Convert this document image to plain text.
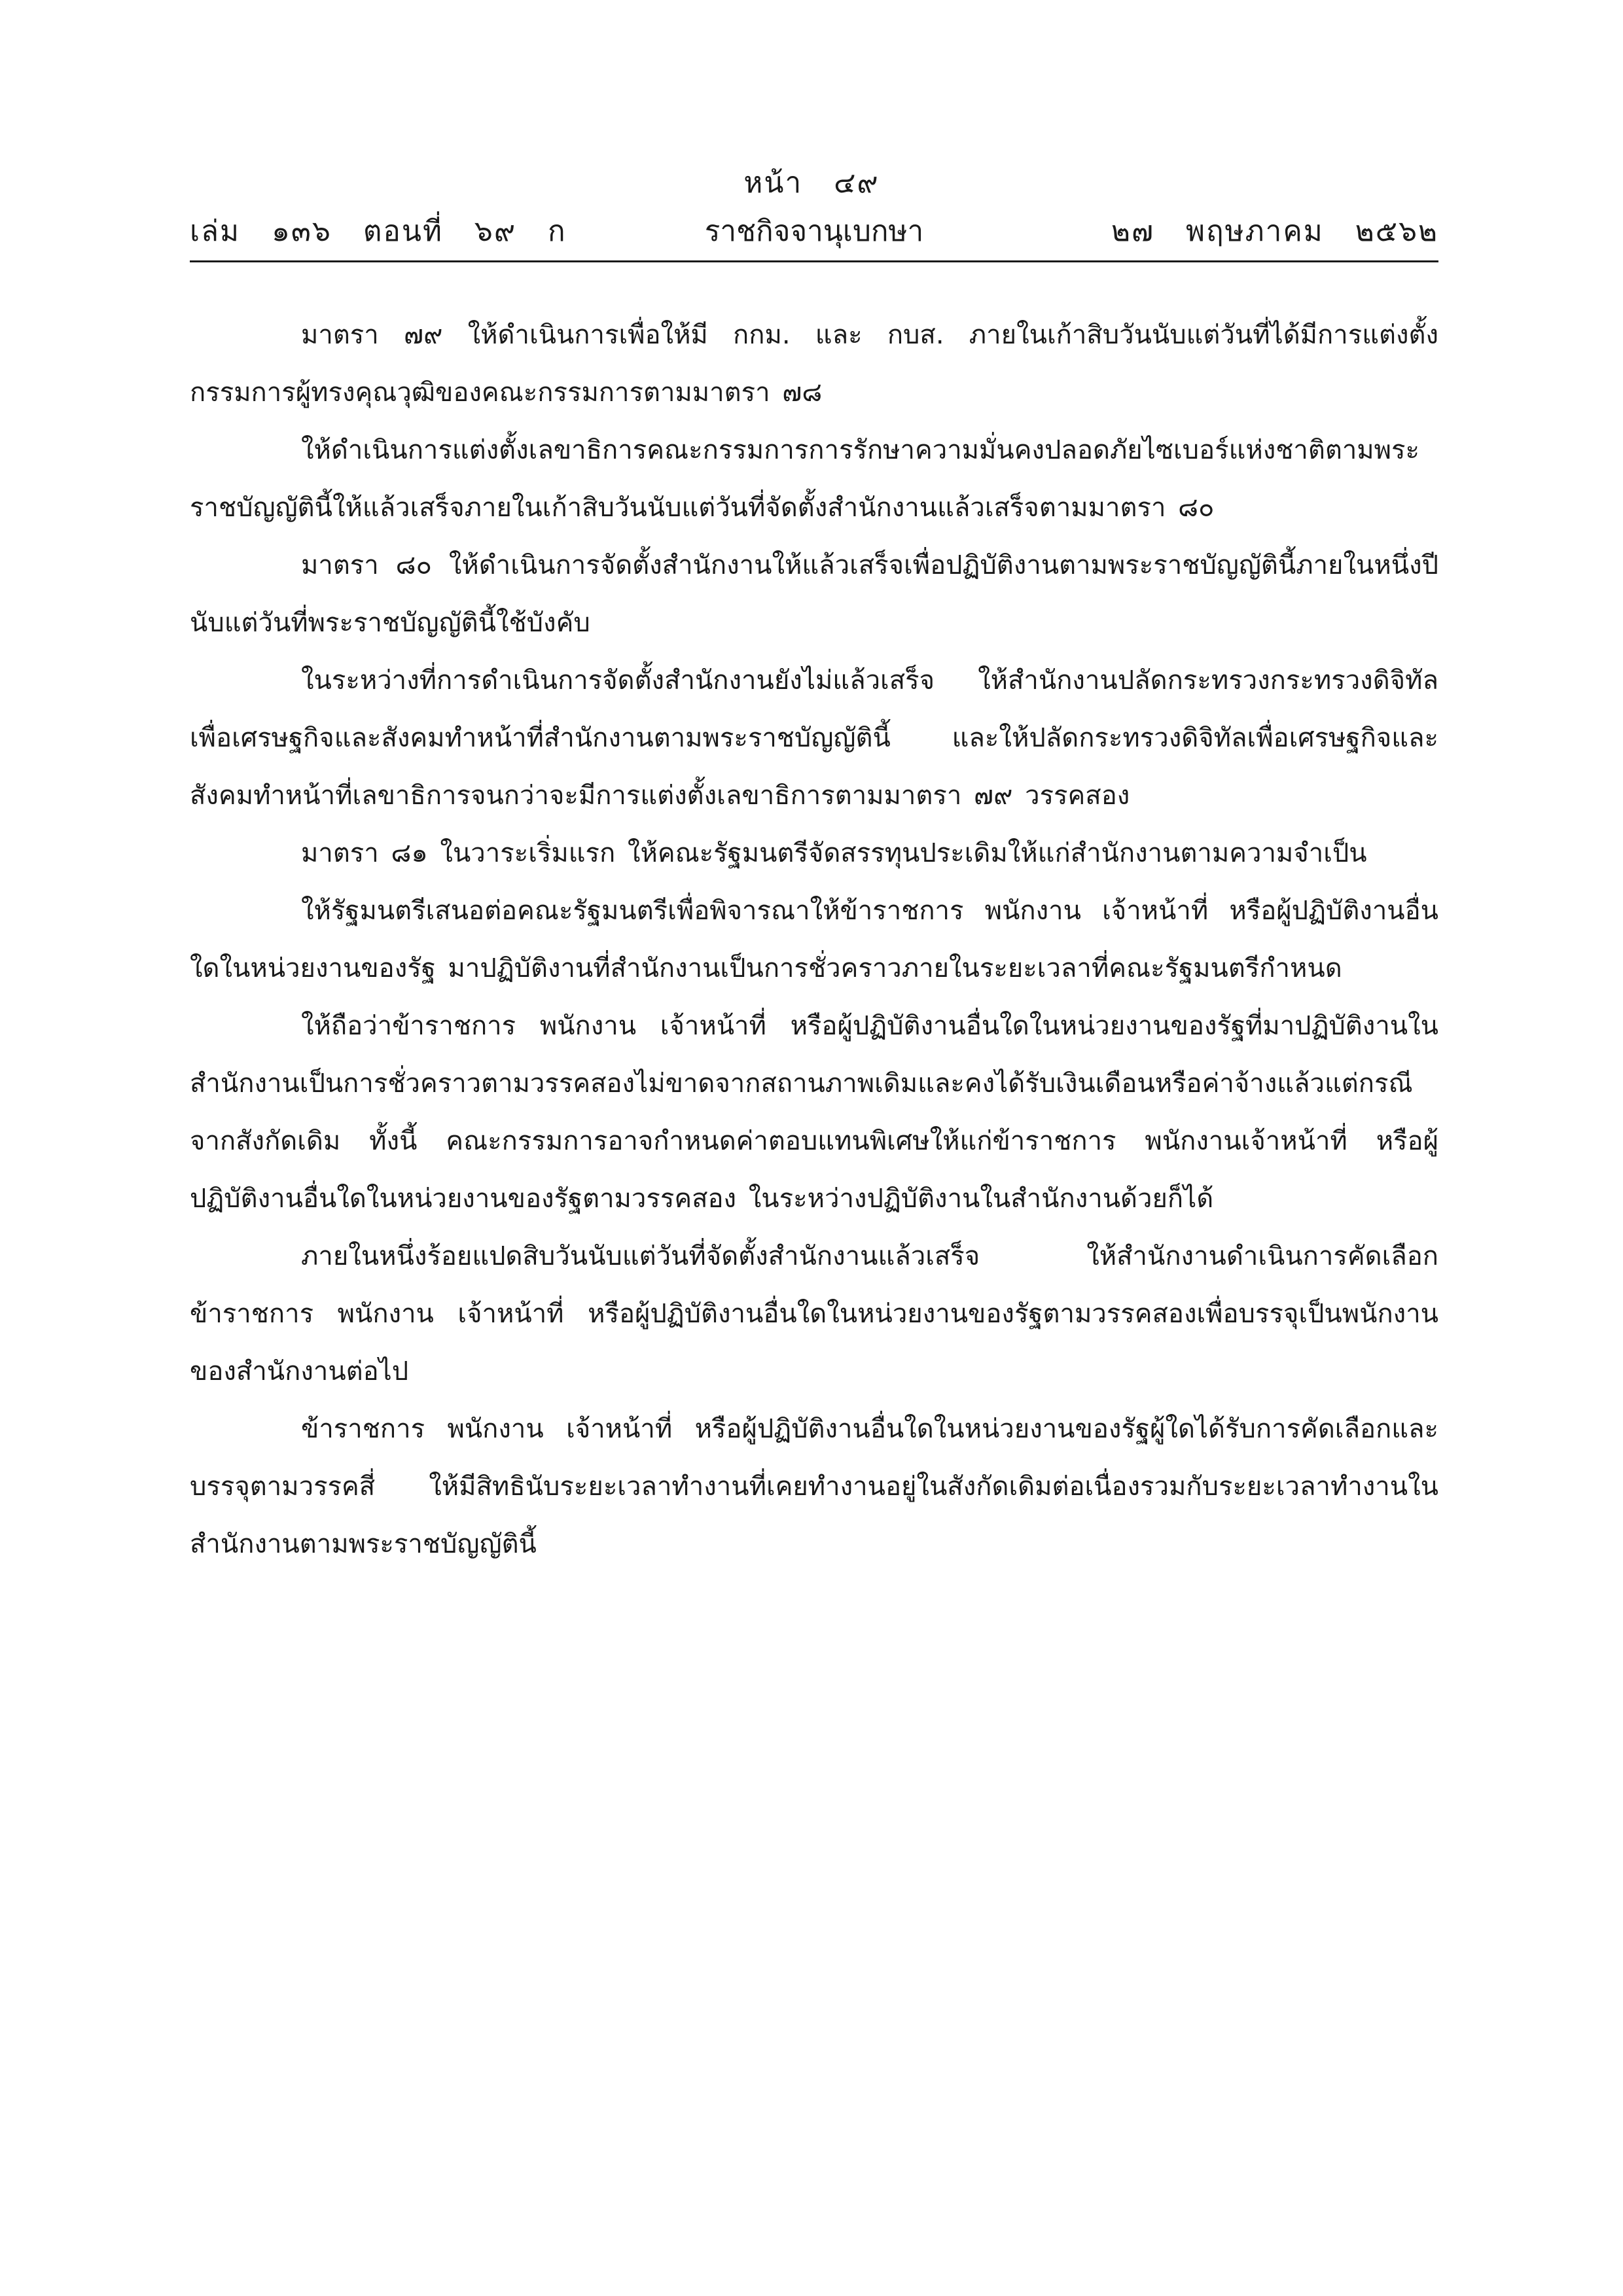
หน้า   ๔๙
ราชกิจจานุเบกษา
เล่ม   ๑๓๖   ตอนที่   ๖๙   ก	๒๗   พฤษภาคม   ๒๕๖๒

มาตรา ๗๙ ให้ดำเนินการเพื่อให้มี กกม. และ กบส. ภายในเก้าสิบวันนับแต่วันที่ได้มีการแต่งตั้งกรรมการผู้ทรงคุณวุฒิของคณะกรรมการตามมาตรา ๗๘

ให้ดำเนินการแต่งตั้งเลขาธิการคณะกรรมการการรักษาความมั่นคงปลอดภัยไซเบอร์แห่งชาติตามพระราชบัญญัตินี้ให้แล้วเสร็จภายในเก้าสิบวันนับแต่วันที่จัดตั้งสำนักงานแล้วเสร็จตามมาตรา ๘๐

มาตรา ๘๐ ให้ดำเนินการจัดตั้งสำนักงานให้แล้วเสร็จเพื่อปฏิบัติงานตามพระราชบัญญัตินี้ภายในหนึ่งปีนับแต่วันที่พระราชบัญญัตินี้ใช้บังคับ

ในระหว่างที่การดำเนินการจัดตั้งสำนักงานยังไม่แล้วเสร็จ ให้สำนักงานปลัดกระทรวงกระทรวงดิจิทัลเพื่อเศรษฐกิจและสังคมทำหน้าที่สำนักงานตามพระราชบัญญัตินี้ และให้ปลัดกระทรวงดิจิทัลเพื่อเศรษฐกิจและสังคมทำหน้าที่เลขาธิการจนกว่าจะมีการแต่งตั้งเลขาธิการตามมาตรา ๗๙ วรรคสอง

มาตรา ๘๑ ในวาระเริ่มแรก ให้คณะรัฐมนตรีจัดสรรทุนประเดิมให้แก่สำนักงานตามความจำเป็น

ให้รัฐมนตรีเสนอต่อคณะรัฐมนตรีเพื่อพิจารณาให้ข้าราชการ พนักงาน เจ้าหน้าที่ หรือผู้ปฏิบัติงานอื่นใดในหน่วยงานของรัฐ มาปฏิบัติงานที่สำนักงานเป็นการชั่วคราวภายในระยะเวลาที่คณะรัฐมนตรีกำหนด

ให้ถือว่าข้าราชการ พนักงาน เจ้าหน้าที่ หรือผู้ปฏิบัติงานอื่นใดในหน่วยงานของรัฐที่มาปฏิบัติงานในสำนักงานเป็นการชั่วคราวตามวรรคสองไม่ขาดจากสถานภาพเดิมและคงได้รับเงินเดือนหรือค่าจ้างแล้วแต่กรณี จากสังกัดเดิม ทั้งนี้ คณะกรรมการอาจกำหนดค่าตอบแทนพิเศษให้แก่ข้าราชการ พนักงานเจ้าหน้าที่ หรือผู้ปฏิบัติงานอื่นใดในหน่วยงานของรัฐตามวรรคสอง ในระหว่างปฏิบัติงานในสำนักงานด้วยก็ได้

ภายในหนึ่งร้อยแปดสิบวันนับแต่วันที่จัดตั้งสำนักงานแล้วเสร็จ ให้สำนักงานดำเนินการคัดเลือกข้าราชการ พนักงาน เจ้าหน้าที่ หรือผู้ปฏิบัติงานอื่นใดในหน่วยงานของรัฐตามวรรคสองเพื่อบรรจุเป็นพนักงานของสำนักงานต่อไป

ข้าราชการ พนักงาน เจ้าหน้าที่ หรือผู้ปฏิบัติงานอื่นใดในหน่วยงานของรัฐผู้ใดได้รับการคัดเลือกและบรรจุตามวรรคสี่ ให้มีสิทธินับระยะเวลาทำงานที่เคยทำงานอยู่ในสังกัดเดิมต่อเนื่องรวมกับระยะเวลาทำงานในสำนักงานตามพระราชบัญญัตินี้
